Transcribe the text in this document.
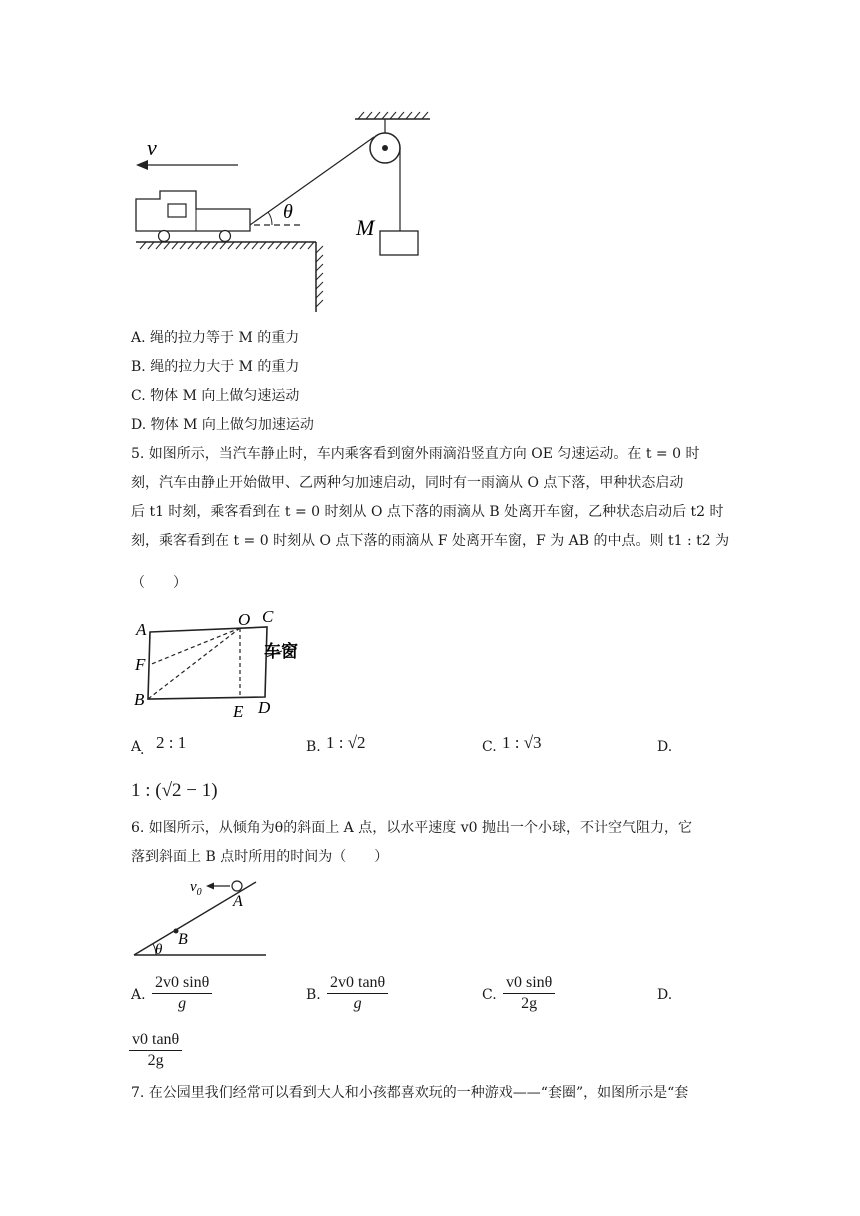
M
v
θ
A. 绳的拉力等于 M 的重力
B. 绳的拉力大于 M 的重力
C. 物体 M 向上做匀速运动
D. 物体 M 向上做匀加速运动
5. 如图所示，当汽车静止时，车内乘客看到窗外雨滴沿竖直方向 OE 匀速运动。在 t = 0 时
刻，汽车由静止开始做甲、乙两种匀加速启动，同时有一雨滴从 O 点下落，甲种状态启动
后 t1 时刻，乘客看到在 t = 0 时刻从 O 点下落的雨滴从 B 处离开车窗，乙种状态启动后 t2 时
刻，乘客看到在 t = 0 时刻从 O 点下落的雨滴从 F 处离开车窗，F 为 AB 的中点。则 t1 : t2 为
（　　）
A
O C
F
B
E D
车窗
A
. 2 : 1	B. 1 : √2	C. 1 : √3	D.
1 : (√2 − 1)
6. 如图所示，从倾角为θ的斜面上 A 点，以水平速度 v0 抛出一个小球，不计空气阻力，它
落到斜面上 B 点时所用的时间为（　　）
$v_0$
A
B
θ
A. $\frac{2v0 \sin\theta}{g}$	B. $\frac{2v0 \tan\theta}{g}$	C. $\frac{v0 \sin\theta}{2g}$	D.
$\frac{v0 \tan\theta}{2g}$
7. 在公园里我们经常可以看到大人和小孩都喜欢玩的一种游戏——“套圈”，如图所示是“套
